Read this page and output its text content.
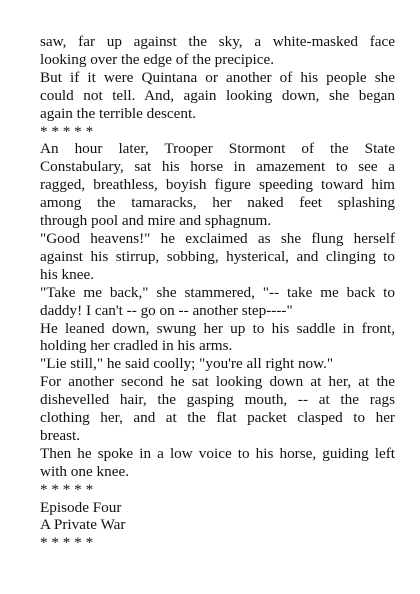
saw, far up against the sky, a white-masked face

looking over the edge of the precipice.

But if it were Quintana or another of his people she

could not tell. And, again looking down, she began

again the terrible descent.

* * * * *

An hour later, Trooper Stormont of the State

Constabulary, sat his horse in amazement to see a

ragged, breathless, boyish figure speeding toward him

among the tamaracks, her naked feet splashing

through pool and mire and sphagnum.

"Good heavens!" he exclaimed as she flung herself

against his stirrup, sobbing, hysterical, and clinging to

his knee.

"Take me back," she stammered, "-- take me back to

daddy! I can't -- go on -- another step----"

He leaned down, swung her up to his saddle in front,

holding her cradled in his arms.

"Lie still," he said coolly; "you're all right now."

For another second he sat looking down at her, at the

dishevelled hair, the gasping mouth, -- at the rags

clothing her, and at the flat packet clasped to her

breast.

Then he spoke in a low voice to his horse, guiding left

with one knee.

* * * * *

Episode Four

A Private War

* * * * *
